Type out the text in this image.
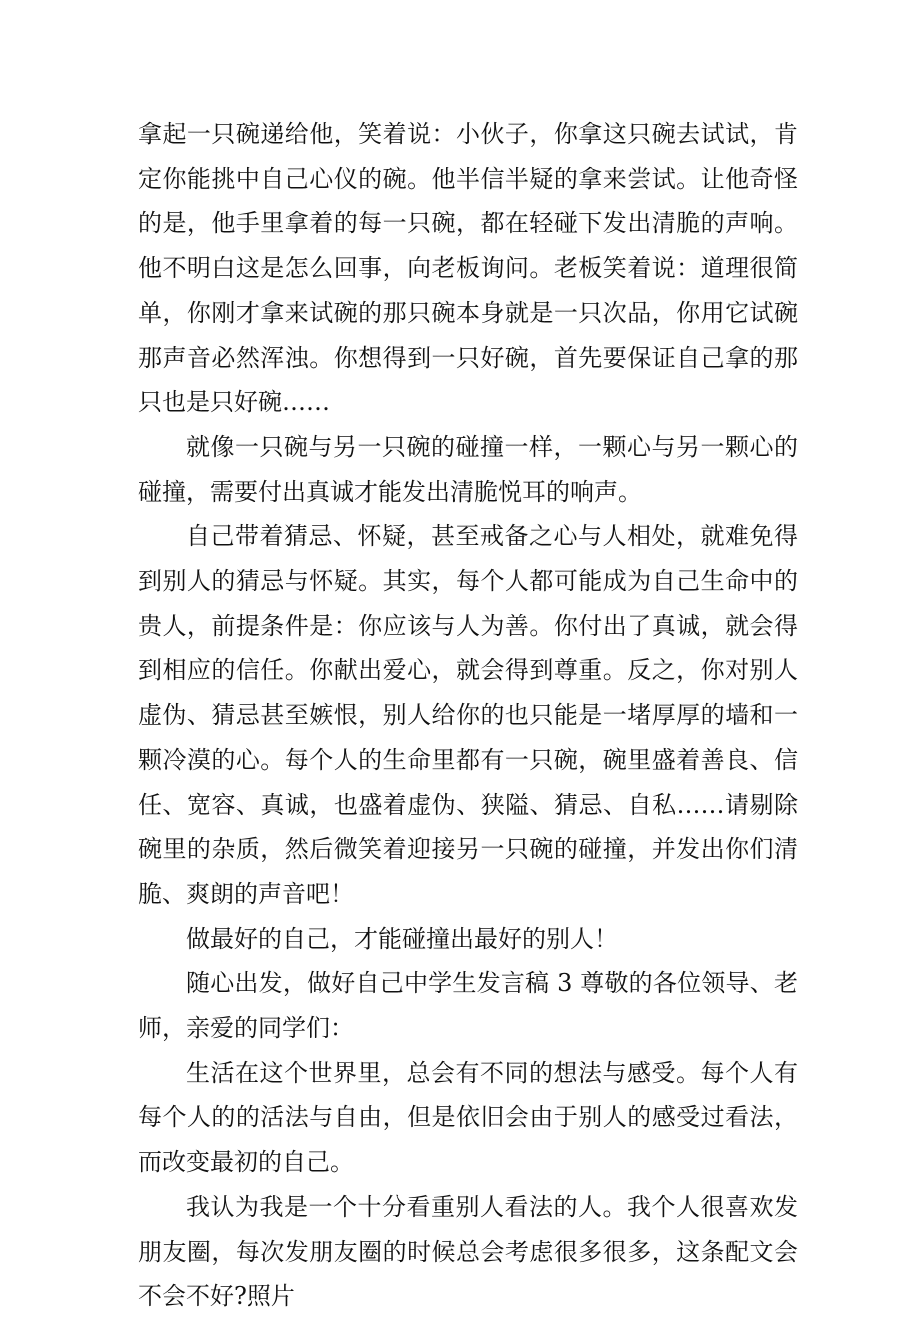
拿起一只碗递给他，笑着说：小伙子，你拿这只碗去试试，肯定你能挑中自己心仪的碗。他半信半疑的拿来尝试。让他奇怪的是，他手里拿着的每一只碗，都在轻碰下发出清脆的声响。他不明白这是怎么回事，向老板询问。老板笑着说：道理很简单，你刚才拿来试碗的那只碗本身就是一只次品，你用它试碗那声音必然浑浊。你想得到一只好碗，首先要保证自己拿的那只也是只好碗……

就像一只碗与另一只碗的碰撞一样，一颗心与另一颗心的碰撞，需要付出真诚才能发出清脆悦耳的响声。

自己带着猜忌、怀疑，甚至戒备之心与人相处，就难免得到别人的猜忌与怀疑。其实，每个人都可能成为自己生命中的贵人，前提条件是：你应该与人为善。你付出了真诚，就会得到相应的信任。你献出爱心，就会得到尊重。反之，你对别人虚伪、猜忌甚至嫉恨，别人给你的也只能是一堵厚厚的墙和一颗冷漠的心。每个人的生命里都有一只碗，碗里盛着善良、信任、宽容、真诚，也盛着虚伪、狭隘、猜忌、自私……请剔除碗里的杂质，然后微笑着迎接另一只碗的碰撞，并发出你们清脆、爽朗的声音吧！

做最好的自己，才能碰撞出最好的别人！

随心出发，做好自己中学生发言稿 3 尊敬的各位领导、老师，亲爱的同学们：

生活在这个世界里，总会有不同的想法与感受。每个人有每个人的的活法与自由，但是依旧会由于别人的感受过看法，而改变最初的自己。

我认为我是一个十分看重别人看法的人。我个人很喜欢发朋友圈，每次发朋友圈的时候总会考虑很多很多，这条配文会不会不好?照片
